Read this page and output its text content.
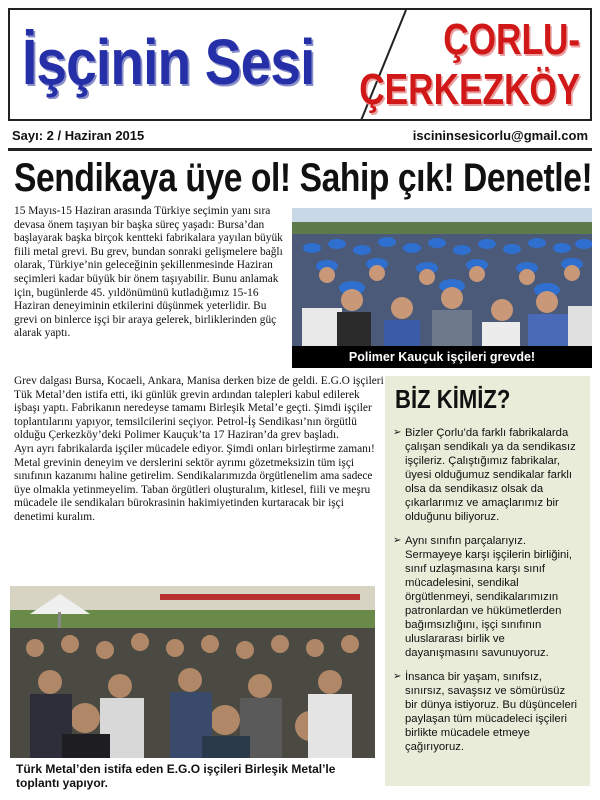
İşçinin Sesi	ÇORLU-
ÇERKEZKÖY
Sayı: 2 / Haziran 2015	iscininsesicorlu@gmail.com
Sendikaya üye ol! Sahip çık! Denetle!
15 Mayıs-15 Haziran arasında Türkiye seçimin yanı sıra devasa önem taşıyan bir başka süreç yaşadı: Bursa’dan başlayarak başka birçok kentteki fabrikalara yayılan büyük fiili metal grevi. Bu grev, bundan sonraki gelişmelere bağlı olarak, Türkiye’nin geleceğinin şekillenmesinde Haziran seçimleri kadar büyük bir önem taşıyabilir. Bunu anlamak için, bugünlerde 45. yıldönümünü kutladığımız 15-16 Haziran deneyiminin etkilerini düşünmek yeterlidir. Bu grevi on binlerce işçi bir araya gelerek, birliklerinden güç alarak yaptı.
Polimer Kauçuk işçileri grevde!

Grev dalgası Bursa, Kocaeli, Ankara, Manisa derken bize de geldi. E.G.O işçileri Tük Metal’den istifa etti, iki günlük grevin ardından talepleri kabul edilerek işbaşı yaptı. Fabrikanın neredeyse tamamı Birleşik Metal’e geçti. Şimdi işçiler toplantılarını yapıyor, temsilcilerini seçiyor. Petrol-İş Sendikası’nın örgütlü olduğu Çerkezköy’deki Polimer Kauçuk’ta 17 Haziran’da grev başladı.

Ayrı ayrı fabrikalarda işçiler mücadele ediyor. Şimdi onları birleştirme zamanı! Metal grevinin deneyim ve derslerini sektör ayrımı gözetmeksizin tüm işçi sınıfının kazanımı haline getirelim. Sendikalarımızda örgütlenelim ama sadece üye olmakla yetinmeyelim. Taban örgütleri oluşturalım, kitlesel, fiili ve meşru mücadele ile sendikaları bürokrasinin hakimiyetinden kurtaracak bir işçi denetimi kuralım.

Türk Metal’den istifa eden E.G.O işçileri Birleşik Metal’le toplantı yapıyor.
BİZ KİMİZ?
➢ Bizler Çorlu’da farklı fabrikalarda çalışan sendikalı ya da sendikasız işçileriz. Çalıştığımız fabrikalar, üyesi olduğumuz sendikalar farklı olsa da sendikasız olsak da çıkarlarımız ve amaçlarımız bir olduğunu biliyoruz.
➢ Aynı sınıfın parçalarıyız. Sermayeye karşı işçilerin birliğini, sınıf uzlaşmasına karşı sınıf mücadelesini, sendikal örgütlenmeyi, sendikalarımızın patronlardan ve hükümetlerden bağımsızlığını, işçi sınıfının uluslararası birlik ve dayanışmasını savunuyoruz.
➢ İnsanca bir yaşam, sınıfsız, sınırsız, savaşsız ve sömürüsüz bir dünya istiyoruz. Bu düşünceleri paylaşan tüm mücadeleci işçileri birlikte mücadele etmeye çağırıyoruz.
